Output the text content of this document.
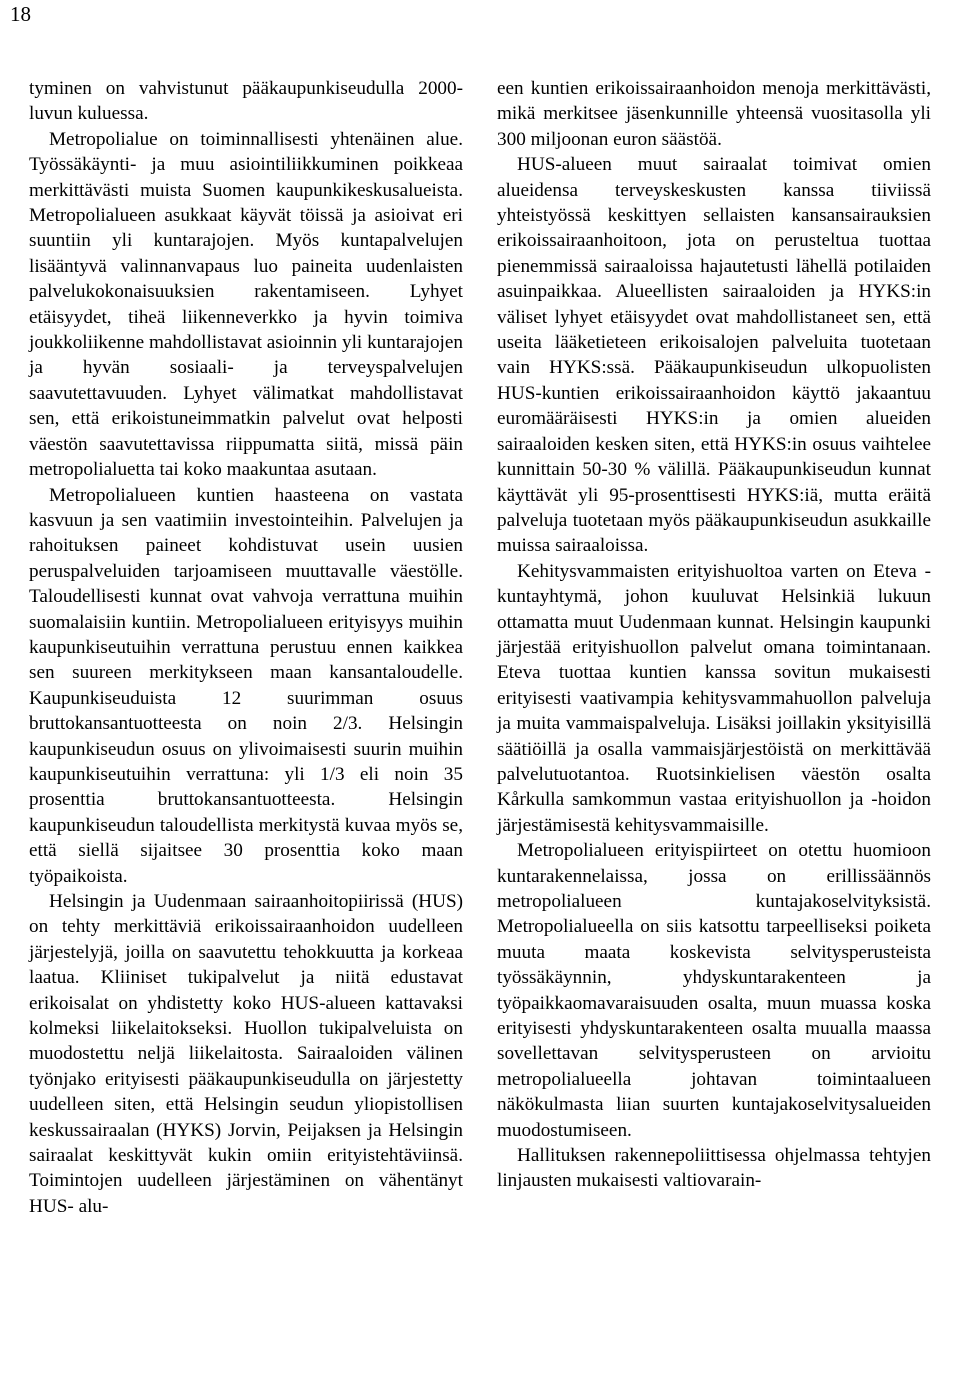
18

tyminen on vahvistunut pääkaupunkiseudulla 2000-luvun kuluessa.

Metropolialue on toiminnallisesti yhtenäinen alue. Työssäkäynti- ja muu asiointiliikkuminen poikkeaa merkittävästi muista Suomen kaupunkikeskusalueista. Metropolialueen asukkaat käyvät töissä ja asioivat eri suuntiin yli kuntarajojen. Myös kuntapalvelujen lisääntyvä valinnanvapaus luo paineita uudenlaisten palvelukokonaisuuksien rakentamiseen. Lyhyet etäisyydet, tiheä liikenneverkko ja hyvin toimiva joukkoliikenne mahdollistavat asioinnin yli kuntarajojen ja hyvän sosiaali- ja terveyspalvelujen saavutettavuuden. Lyhyet välimatkat mahdollistavat sen, että erikoistuneimmatkin palvelut ovat helposti väestön saavutettavissa riippumatta siitä, missä päin metropolialuetta tai koko maakuntaa asutaan.

Metropolialueen kuntien haasteena on vastata kasvuun ja sen vaatimiin investointeihin. Palvelujen ja rahoituksen paineet kohdistuvat usein uusien peruspalveluiden tarjoamiseen muuttavalle väestölle. Taloudellisesti kunnat ovat vahvoja verrattuna muihin suomalaisiin kuntiin. Metropolialueen erityisyys muihin kaupunkiseutuihin verrattuna perustuu ennen kaikkea sen suureen merkitykseen maan kansantaloudelle. Kaupunkiseuduista 12 suurimman osuus bruttokansantuotteesta on noin 2/3. Helsingin kaupunkiseudun osuus on ylivoimaisesti suurin muihin kaupunkiseutuihin verrattuna: yli 1/3 eli noin 35 prosenttia bruttokansantuotteesta. Helsingin kaupunkiseudun taloudellista merkitystä kuvaa myös se, että siellä sijaitsee 30 prosenttia koko maan työpaikoista.

Helsingin ja Uudenmaan sairaanhoitopiirissä (HUS) on tehty merkittäviä erikoissairaanhoidon uudelleen järjestelyjä, joilla on saavutettu tehokkuutta ja korkeaa laatua. Kliiniset tukipalvelut ja niitä edustavat erikoisalat on yhdistetty koko HUS-alueen kattavaksi kolmeksi liikelaitokseksi. Huollon tukipalveluista on muodostettu neljä liikelaitosta. Sairaaloiden välinen työnjako erityisesti pääkaupunkiseudulla on järjestetty uudelleen siten, että Helsingin seudun yliopistollisen keskussairaalan (HYKS) Jorvin, Peijaksen ja Helsingin sairaalat keskittyvät kukin omiin erityistehtäviinsä. Toimintojen uudelleen järjestäminen on vähentänyt HUS- alu-

een kuntien erikoissairaanhoidon menoja merkittävästi, mikä merkitsee jäsenkunnille yhteensä vuositasolla yli 300 miljoonan euron säästöä.

HUS-alueen muut sairaalat toimivat omien alueidensa terveyskeskusten kanssa tiiviissä yhteistyössä keskittyen sellaisten kansansairauksien erikoissairaanhoitoon, jota on perusteltua tuottaa pienemmissä sairaaloissa hajautetusti lähellä potilaiden asuinpaikkaa. Alueellisten sairaaloiden ja HYKS:in väliset lyhyet etäisyydet ovat mahdollistaneet sen, että useita lääketieteen erikoisalojen palveluita tuotetaan vain HYKS:ssä. Pääkaupunkiseudun ulkopuolisten HUS-kuntien erikoissairaanhoidon käyttö jakaantuu euromääräisesti HYKS:in ja omien alueiden sairaaloiden kesken siten, että HYKS:in osuus vaihtelee kunnittain 50-30 % välillä. Pääkaupunkiseudun kunnat käyttävät yli 95-prosenttisesti HYKS:iä, mutta eräitä palveluja tuotetaan myös pääkaupunkiseudun asukkaille muissa sairaaloissa.

Kehitysvammaisten erityishuoltoa varten on Eteva -kuntayhtymä, johon kuuluvat Helsinkiä lukuun ottamatta muut Uudenmaan kunnat. Helsingin kaupunki järjestää erityishuollon palvelut omana toimintanaan. Eteva tuottaa kuntien kanssa sovitun mukaisesti erityisesti vaativampia kehitysvammahuollon palveluja ja muita vammaispalveluja. Lisäksi joillakin yksityisillä säätiöillä ja osalla vammaisjärjestöistä on merkittävää palvelutuotantoa. Ruotsinkielisen väestön osalta Kårkulla samkommun vastaa erityishuollon ja -hoidon järjestämisestä kehitysvammaisille.

Metropolialueen erityispiirteet on otettu huomioon kuntarakennelaissa, jossa on erillissäännös metropolialueen kuntajakoselvityksistä. Metropolialueella on siis katsottu tarpeelliseksi poiketa muuta maata koskevista selvitysperusteista työssäkäynnin, yhdyskuntarakenteen ja työpaikkaomavaraisuuden osalta, muun muassa koska erityisesti yhdyskuntarakenteen osalta muualla maassa sovellettavan selvitysperusteen on arvioitu metropolialueella johtavan toimintaalueen näkökulmasta liian suurten kuntajakoselvitysalueiden muodostumiseen.

Hallituksen rakennepoliittisessa ohjelmassa tehtyjen linjausten mukaisesti valtiovarain-
